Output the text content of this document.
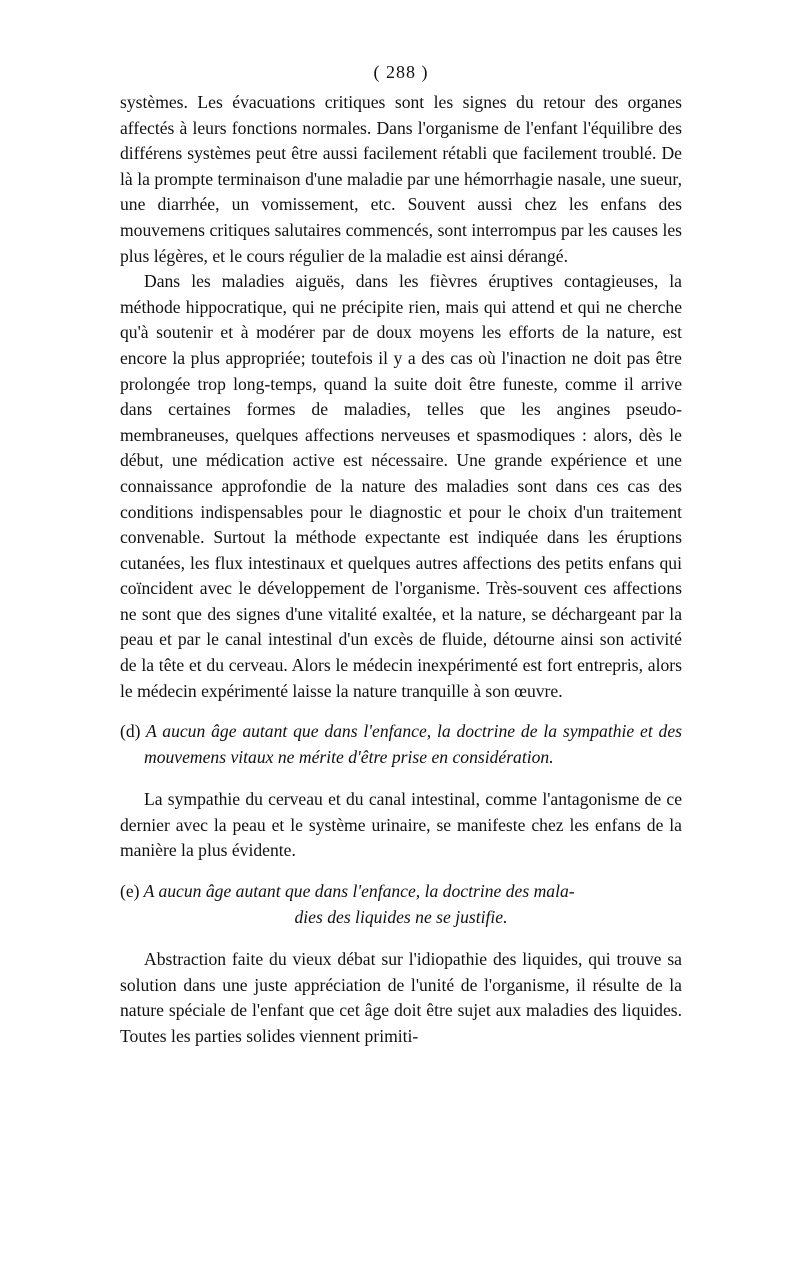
( 288 )

systèmes. Les évacuations critiques sont les signes du retour des organes affectés à leurs fonctions normales. Dans l'organisme de l'enfant l'équilibre des différens systèmes peut être aussi facilement rétabli que facilement troublé. De là la prompte terminaison d'une maladie par une hémorrhagie nasale, une sueur, une diarrhée, un vomissement, etc. Souvent aussi chez les enfans des mouvemens critiques salutaires commencés, sont interrompus par les causes les plus légères, et le cours régulier de la maladie est ainsi dérangé.

Dans les maladies aiguës, dans les fièvres éruptives contagieuses, la méthode hippocratique, qui ne précipite rien, mais qui attend et qui ne cherche qu'à soutenir et à modérer par de doux moyens les efforts de la nature, est encore la plus appropriée; toutefois il y a des cas où l'inaction ne doit pas être prolongée trop long-temps, quand la suite doit être funeste, comme il arrive dans certaines formes de maladies, telles que les angines pseudo-membraneuses, quelques affections nerveuses et spasmodiques : alors, dès le début, une médication active est nécessaire. Une grande expérience et une connaissance approfondie de la nature des maladies sont dans ces cas des conditions indispensables pour le diagnostic et pour le choix d'un traitement convenable. Surtout la méthode expectante est indiquée dans les éruptions cutanées, les flux intestinaux et quelques autres affections des petits enfans qui coïncident avec le développement de l'organisme. Très-souvent ces affections ne sont que des signes d'une vitalité exaltée, et la nature, se déchargeant par la peau et par le canal intestinal d'un excès de fluide, détourne ainsi son activité de la tête et du cerveau. Alors le médecin inexpérimenté est fort entrepris, alors le médecin expérimenté laisse la nature tranquille à son œuvre.

(d) A aucun âge autant que dans l'enfance, la doctrine de la sympathie et des mouvemens vitaux ne mérite d'être prise en considération.

La sympathie du cerveau et du canal intestinal, comme l'antagonisme de ce dernier avec la peau et le système urinaire, se manifeste chez les enfans de la manière la plus évidente.

(e) A aucun âge autant que dans l'enfance, la doctrine des mala-
dies des liquides ne se justifie.

Abstraction faite du vieux débat sur l'idiopathie des liquides, qui trouve sa solution dans une juste appréciation de l'unité de l'organisme, il résulte de la nature spéciale de l'enfant que cet âge doit être sujet aux maladies des liquides. Toutes les parties solides viennent primiti-
